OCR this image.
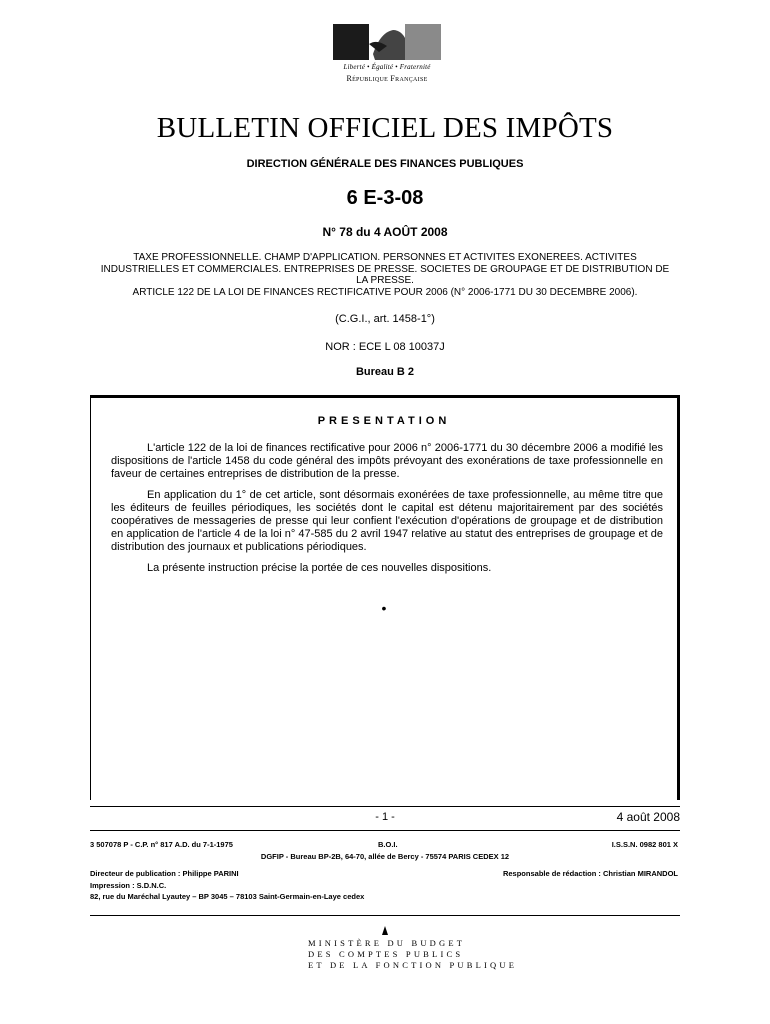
Liberté • Égalité • Fraternité
République Française
BULLETIN OFFICIEL DES IMPÔTS
DIRECTION GÉNÉRALE DES FINANCES PUBLIQUES
6 E-3-08
N° 78 du 4 AOÛT 2008

TAXE PROFESSIONNELLE. CHAMP D'APPLICATION. PERSONNES ET ACTIVITES EXONEREES. ACTIVITES INDUSTRIELLES ET COMMERCIALES. ENTREPRISES DE PRESSE. SOCIETES DE GROUPAGE ET DE DISTRIBUTION DE LA PRESSE.

ARTICLE 122 DE LA LOI DE FINANCES RECTIFICATIVE POUR 2006 (N° 2006-1771 DU 30 DECEMBRE 2006).

(C.G.I., art. 1458-1°)
NOR : ECE L 08 10037J
Bureau B 2
PRESENTATION

L'article 122 de la loi de finances rectificative pour 2006 n° 2006-1771 du 30 décembre 2006 a modifié les dispositions de l'article 1458 du code général des impôts prévoyant des exonérations de taxe professionnelle en faveur de certaines entreprises de distribution de la presse.

En application du 1° de cet article, sont désormais exonérées de taxe professionnelle, au même titre que les éditeurs de feuilles périodiques, les sociétés dont le capital est détenu majoritairement par des sociétés coopératives de messageries de presse qui leur confient l'exécution d'opérations de groupage et de distribution en application de l'article 4 de la loi n° 47-585 du 2 avril 1947 relative au statut des entreprises de groupage et de distribution des journaux et publications périodiques.

La présente instruction précise la portée de ces nouvelles dispositions.

•
- 1 -	4 août 2008
3 507078 P - C.P. n° 817 A.D. du 7-1-1975	B.O.I.	I.S.S.N. 0982 801 X
DGFIP - Bureau BP-2B, 64-70, allée de Bercy - 75574 PARIS CEDEX 12
Directeur de publication : Philippe PARINI	Responsable de rédaction : Christian MIRANDOL
Impression : S.D.N.C.
82, rue du Maréchal Lyautey – BP 3045 – 78103 Saint-Germain-en-Laye cedex
MINISTÈRE DU BUDGET
DES COMPTES PUBLICS
ET DE LA FONCTION PUBLIQUE
